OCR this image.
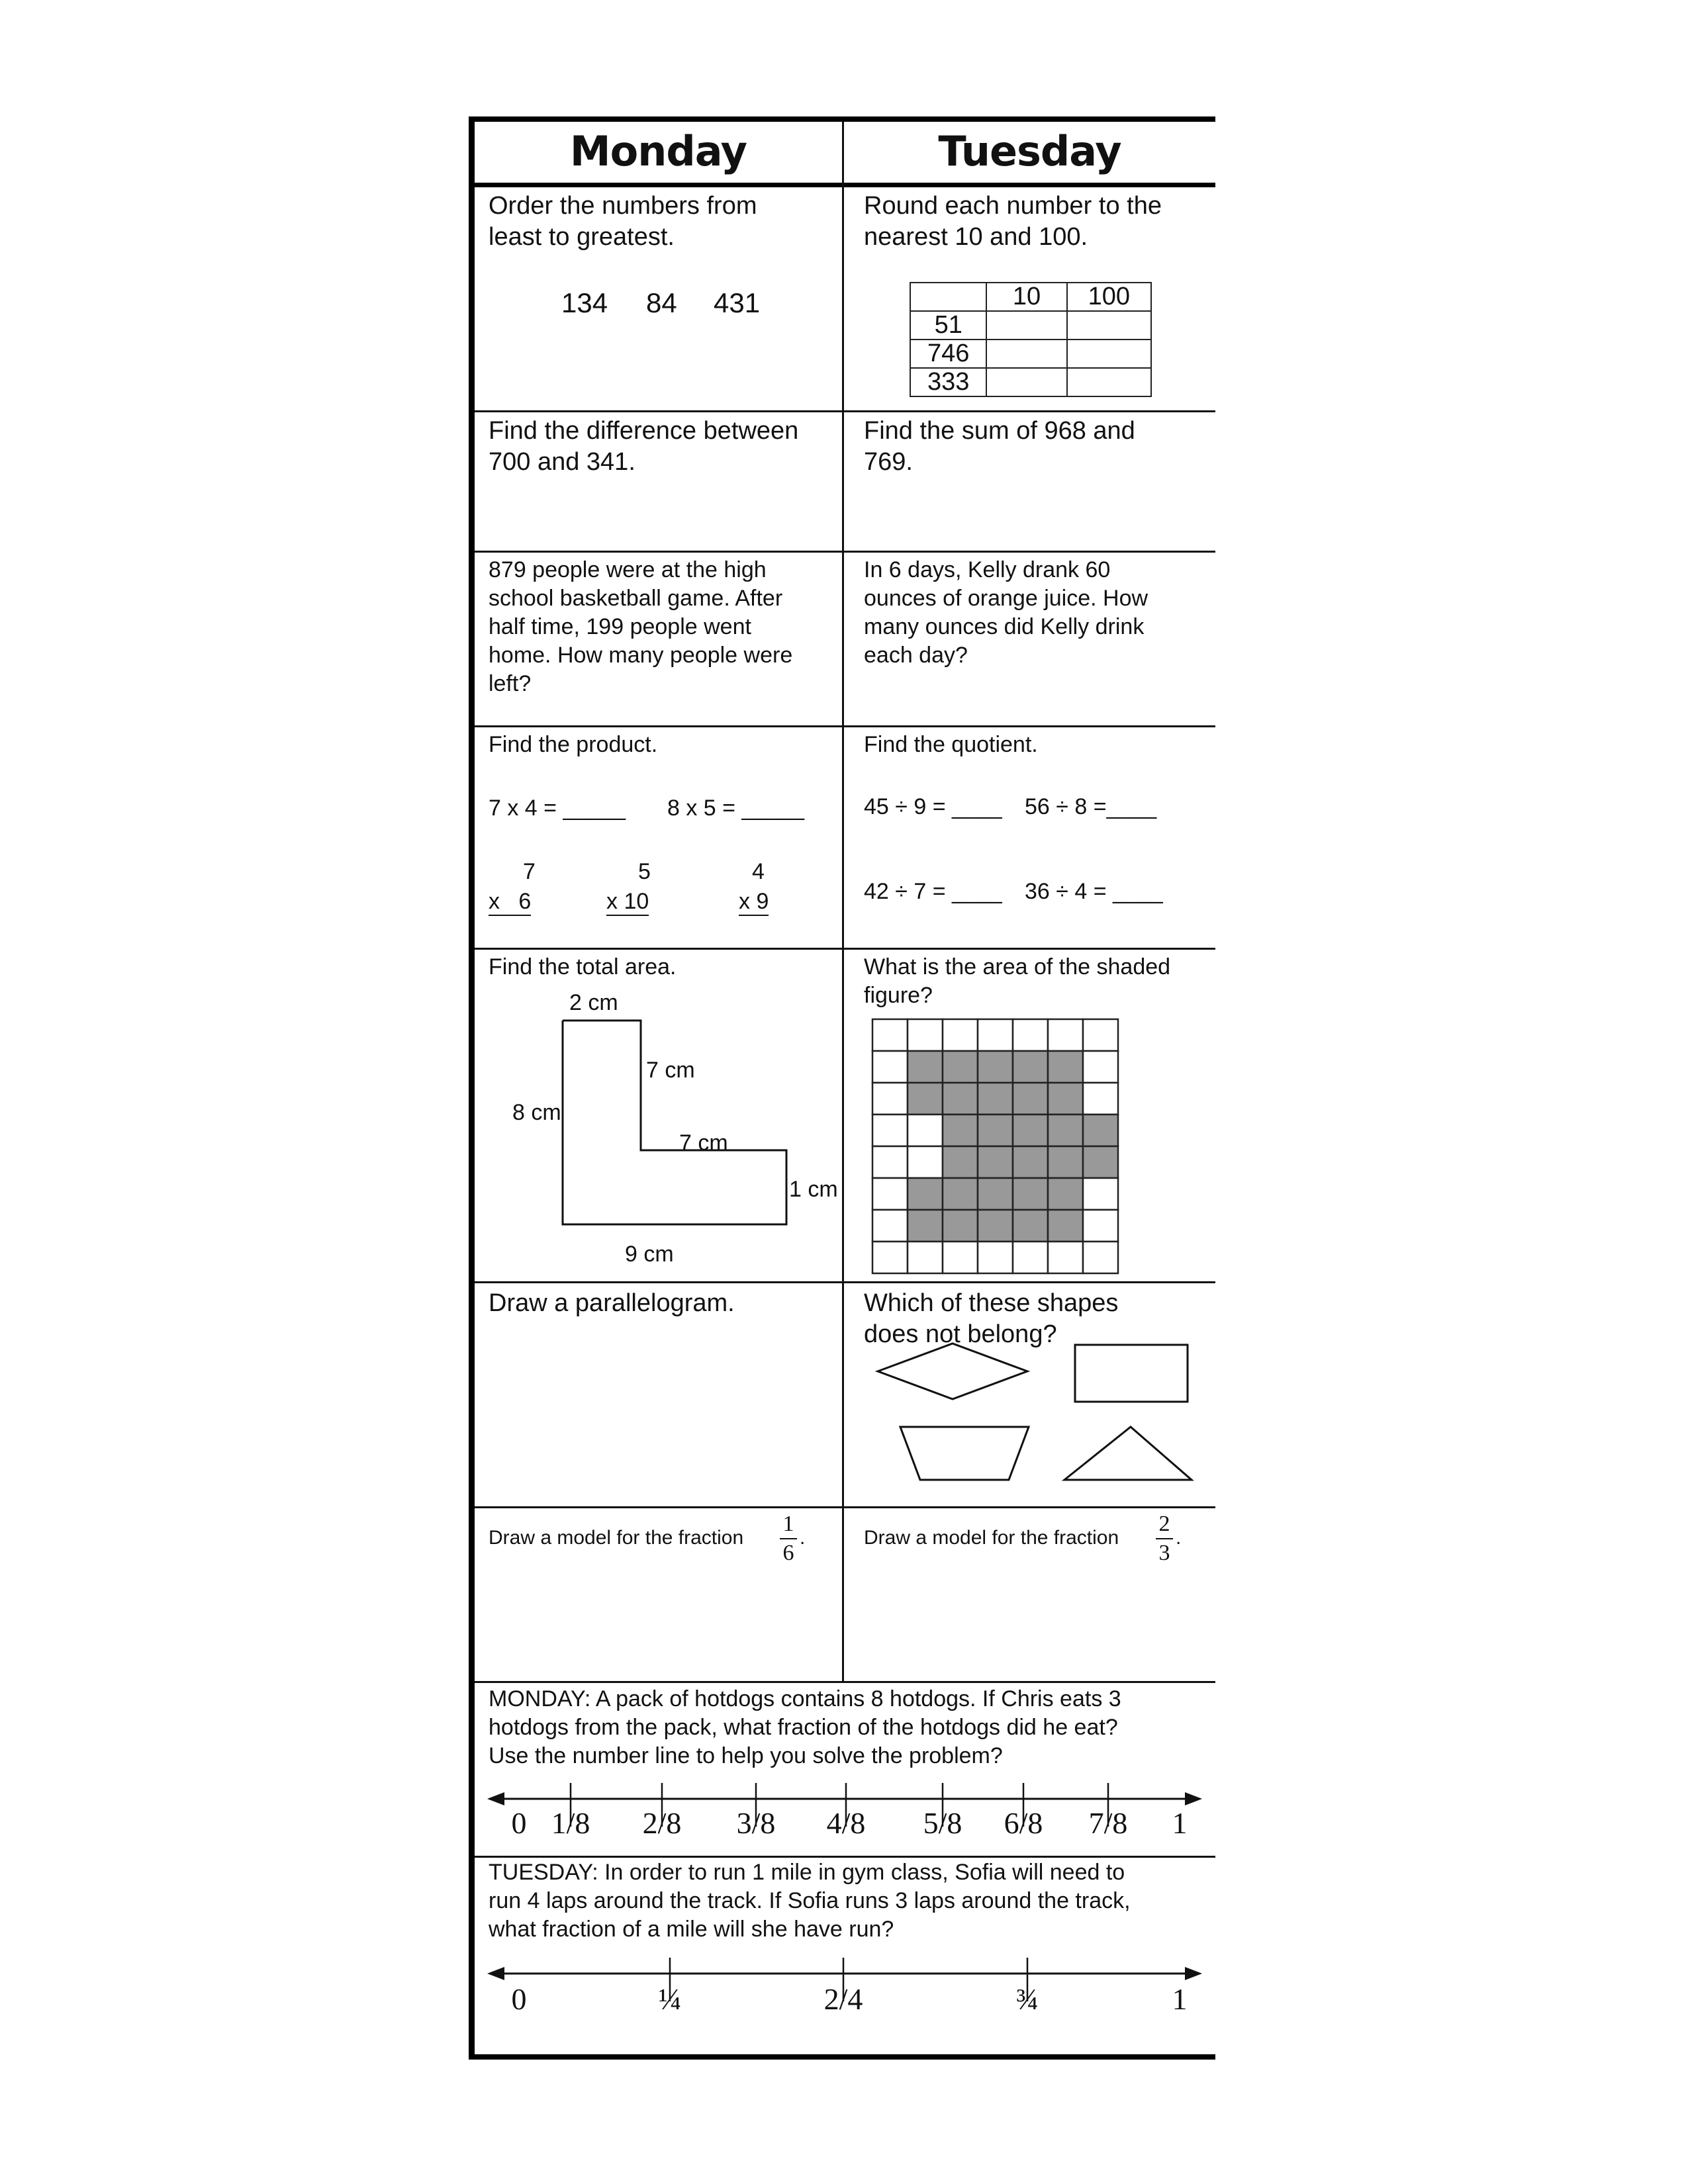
Monday	Tuesday
Order the numbers from
least to greatest.
134 84 431
Round each number to the
nearest 10 and 100.
	10	100
51		
746		
333		
Find the difference between
700 and 341.
Find the sum of 968 and
769.
879 people were at the high
school basketball game. After
half time, 199 people went
home. How many people were
left?
In 6 days, Kelly drank 60
ounces of orange juice. How
many ounces did Kelly drink
each day?
Find the product.
7 x 4 = _____ 8 x 5 = _____
7
x   6
5
x 10
4
x 9
Find the quotient.
45 ÷ 9 = ____ 56 ÷ 8 =____
42 ÷ 7 = ____ 36 ÷ 4 = ____
Find the total area.
2 cm
7 cm
8 cm
7 cm
1 cm
9 cm
What is the area of the shaded
figure?
Draw a parallelogram.	Which of these shapes
does not belong?
Draw a model for the fraction
1
6
.	Draw a model for the fraction
2
3
.
MONDAY: A pack of hotdogs contains 8 hotdogs. If Chris eats 3
hotdogs from the pack, what fraction of the hotdogs did he eat?
Use the number line to help you solve the problem?
0 1/8 2/8 3/8 4/8 5/8 6/8 7/8 1
TUESDAY: In order to run 1 mile in gym class, Sofia will need to
run 4 laps around the track. If Sofia runs 3 laps around the track,
what fraction of a mile will she have run?
0	¼	2/4	¾	1
